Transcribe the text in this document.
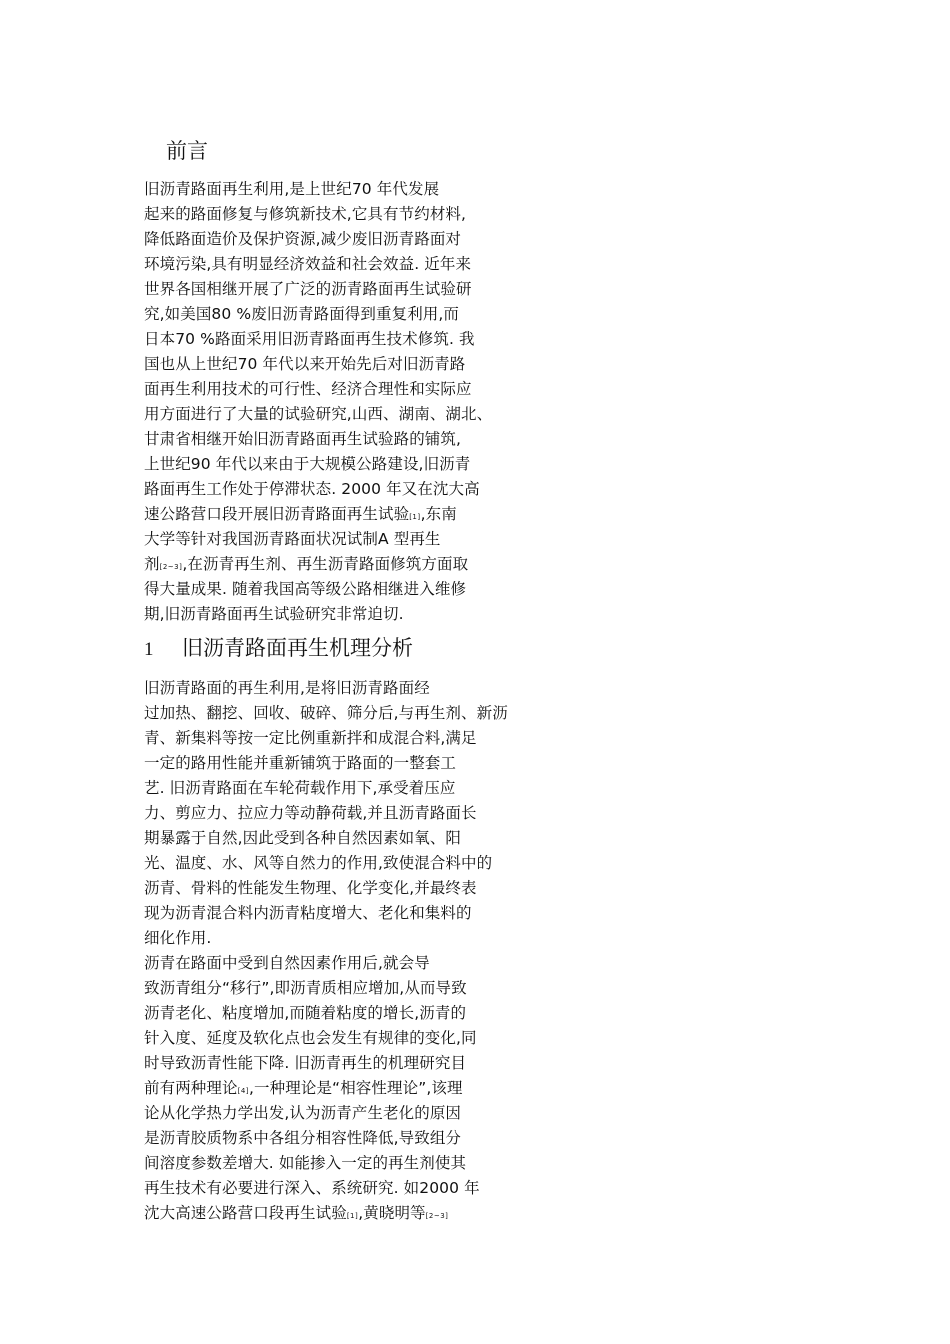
前言
旧沥青路面再生利用,是上世纪70 年代发展
起来的路面修复与修筑新技术,它具有节约材料,
降低路面造价及保护资源,减少废旧沥青路面对
环境污染,具有明显经济效益和社会效益. 近年来
世界各国相继开展了广泛的沥青路面再生试验研
究,如美国80 %废旧沥青路面得到重复利用,而
日本70 %路面采用旧沥青路面再生技术修筑. 我
国也从上世纪70 年代以来开始先后对旧沥青路
面再生利用技术的可行性、经济合理性和实际应
用方面进行了大量的试验研究,山西、湖南、湖北、
甘肃省相继开始旧沥青路面再生试验路的铺筑,
上世纪90 年代以来由于大规模公路建设,旧沥青
路面再生工作处于停滞状态. 2000 年又在沈大高
速公路营口段开展旧沥青路面再生试验[1],东南
大学等针对我国沥青路面状况试制A 型再生
剂[2~3],在沥青再生剂、再生沥青路面修筑方面取
得大量成果. 随着我国高等级公路相继进入维修
期,旧沥青路面再生试验研究非常迫切.
1 旧沥青路面再生机理分析
旧沥青路面的再生利用,是将旧沥青路面经
过加热、翻挖、回收、破碎、筛分后,与再生剂、新沥
青、新集料等按一定比例重新拌和成混合料,满足
一定的路用性能并重新铺筑于路面的一整套工
艺. 旧沥青路面在车轮荷载作用下,承受着压应
力、剪应力、拉应力等动静荷载,并且沥青路面长
期暴露于自然,因此受到各种自然因素如氧、阳
光、温度、水、风等自然力的作用,致使混合料中的
沥青、骨料的性能发生物理、化学变化,并最终表
现为沥青混合料内沥青粘度增大、老化和集料的
细化作用.
沥青在路面中受到自然因素作用后,就会导
致沥青组分“移行”,即沥青质相应增加,从而导致
沥青老化、粘度增加,而随着粘度的增长,沥青的
针入度、延度及软化点也会发生有规律的变化,同
时导致沥青性能下降. 旧沥青再生的机理研究目
前有两种理论[4],一种理论是“相容性理论”,该理
论从化学热力学出发,认为沥青产生老化的原因
是沥青胶质物系中各组分相容性降低,导致组分
间溶度参数差增大. 如能掺入一定的再生剂使其
再生技术有必要进行深入、系统研究. 如2000 年
沈大高速公路营口段再生试验[1],黄晓明等[2~3]
